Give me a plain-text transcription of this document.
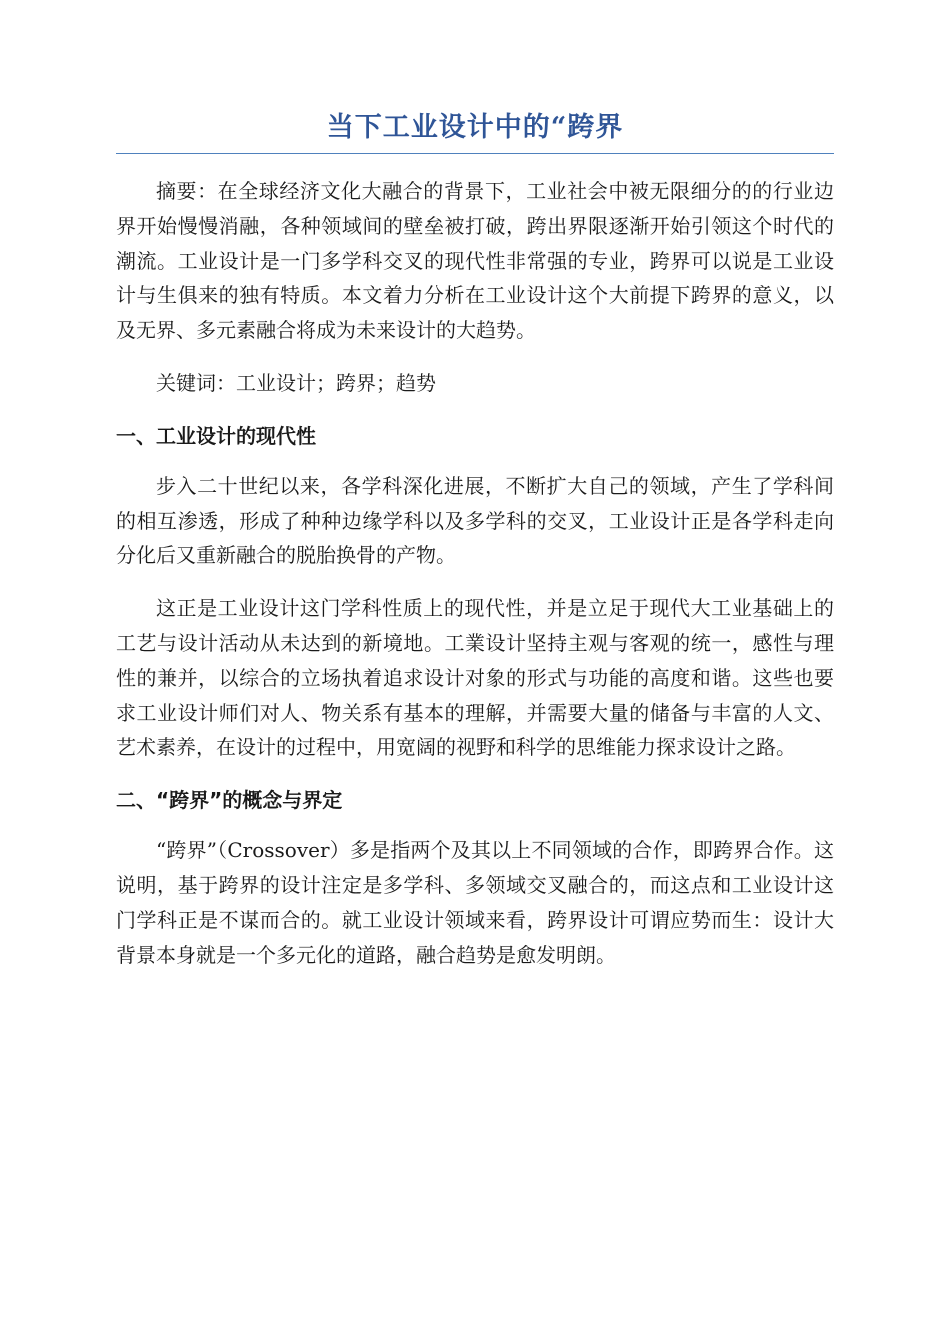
当下工业设计中的“跨界

摘要：在全球经济文化大融合的背景下，工业社会中被无限细分的的行业边界开始慢慢消融，各种领域间的壁垒被打破，跨出界限逐渐开始引领这个时代的潮流。工业设计是一门多学科交叉的现代性非常强的专业，跨界可以说是工业设计与生俱来的独有特质。本文着力分析在工业设计这个大前提下跨界的意义，以及无界、多元素融合将成为未来设计的大趋势。

关键词：工业设计；跨界；趋势

一、工业设计的现代性

步入二十世纪以来，各学科深化进展，不断扩大自己的领域，产生了学科间的相互渗透，形成了种种边缘学科以及多学科的交叉，工业设计正是各学科走向分化后又重新融合的脱胎换骨的产物。

这正是工业设计这门学科性质上的现代性，并是立足于现代大工业基础上的工艺与设计活动从未达到的新境地。工業设计坚持主观与客观的统一，感性与理性的兼并，以综合的立场执着追求设计对象的形式与功能的高度和谐。这些也要求工业设计师们对人、物关系有基本的理解，并需要大量的储备与丰富的人文、艺术素养，在设计的过程中，用宽阔的视野和科学的思维能力探求设计之路。

二、“跨界”的概念与界定

“跨界”（Crossover）多是指两个及其以上不同领域的合作，即跨界合作。这说明，基于跨界的设计注定是多学科、多领域交叉融合的，而这点和工业设计这门学科正是不谋而合的。就工业设计领域来看，跨界设计可谓应势而生：设计大背景本身就是一个多元化的道路，融合趋势是愈发明朗。
